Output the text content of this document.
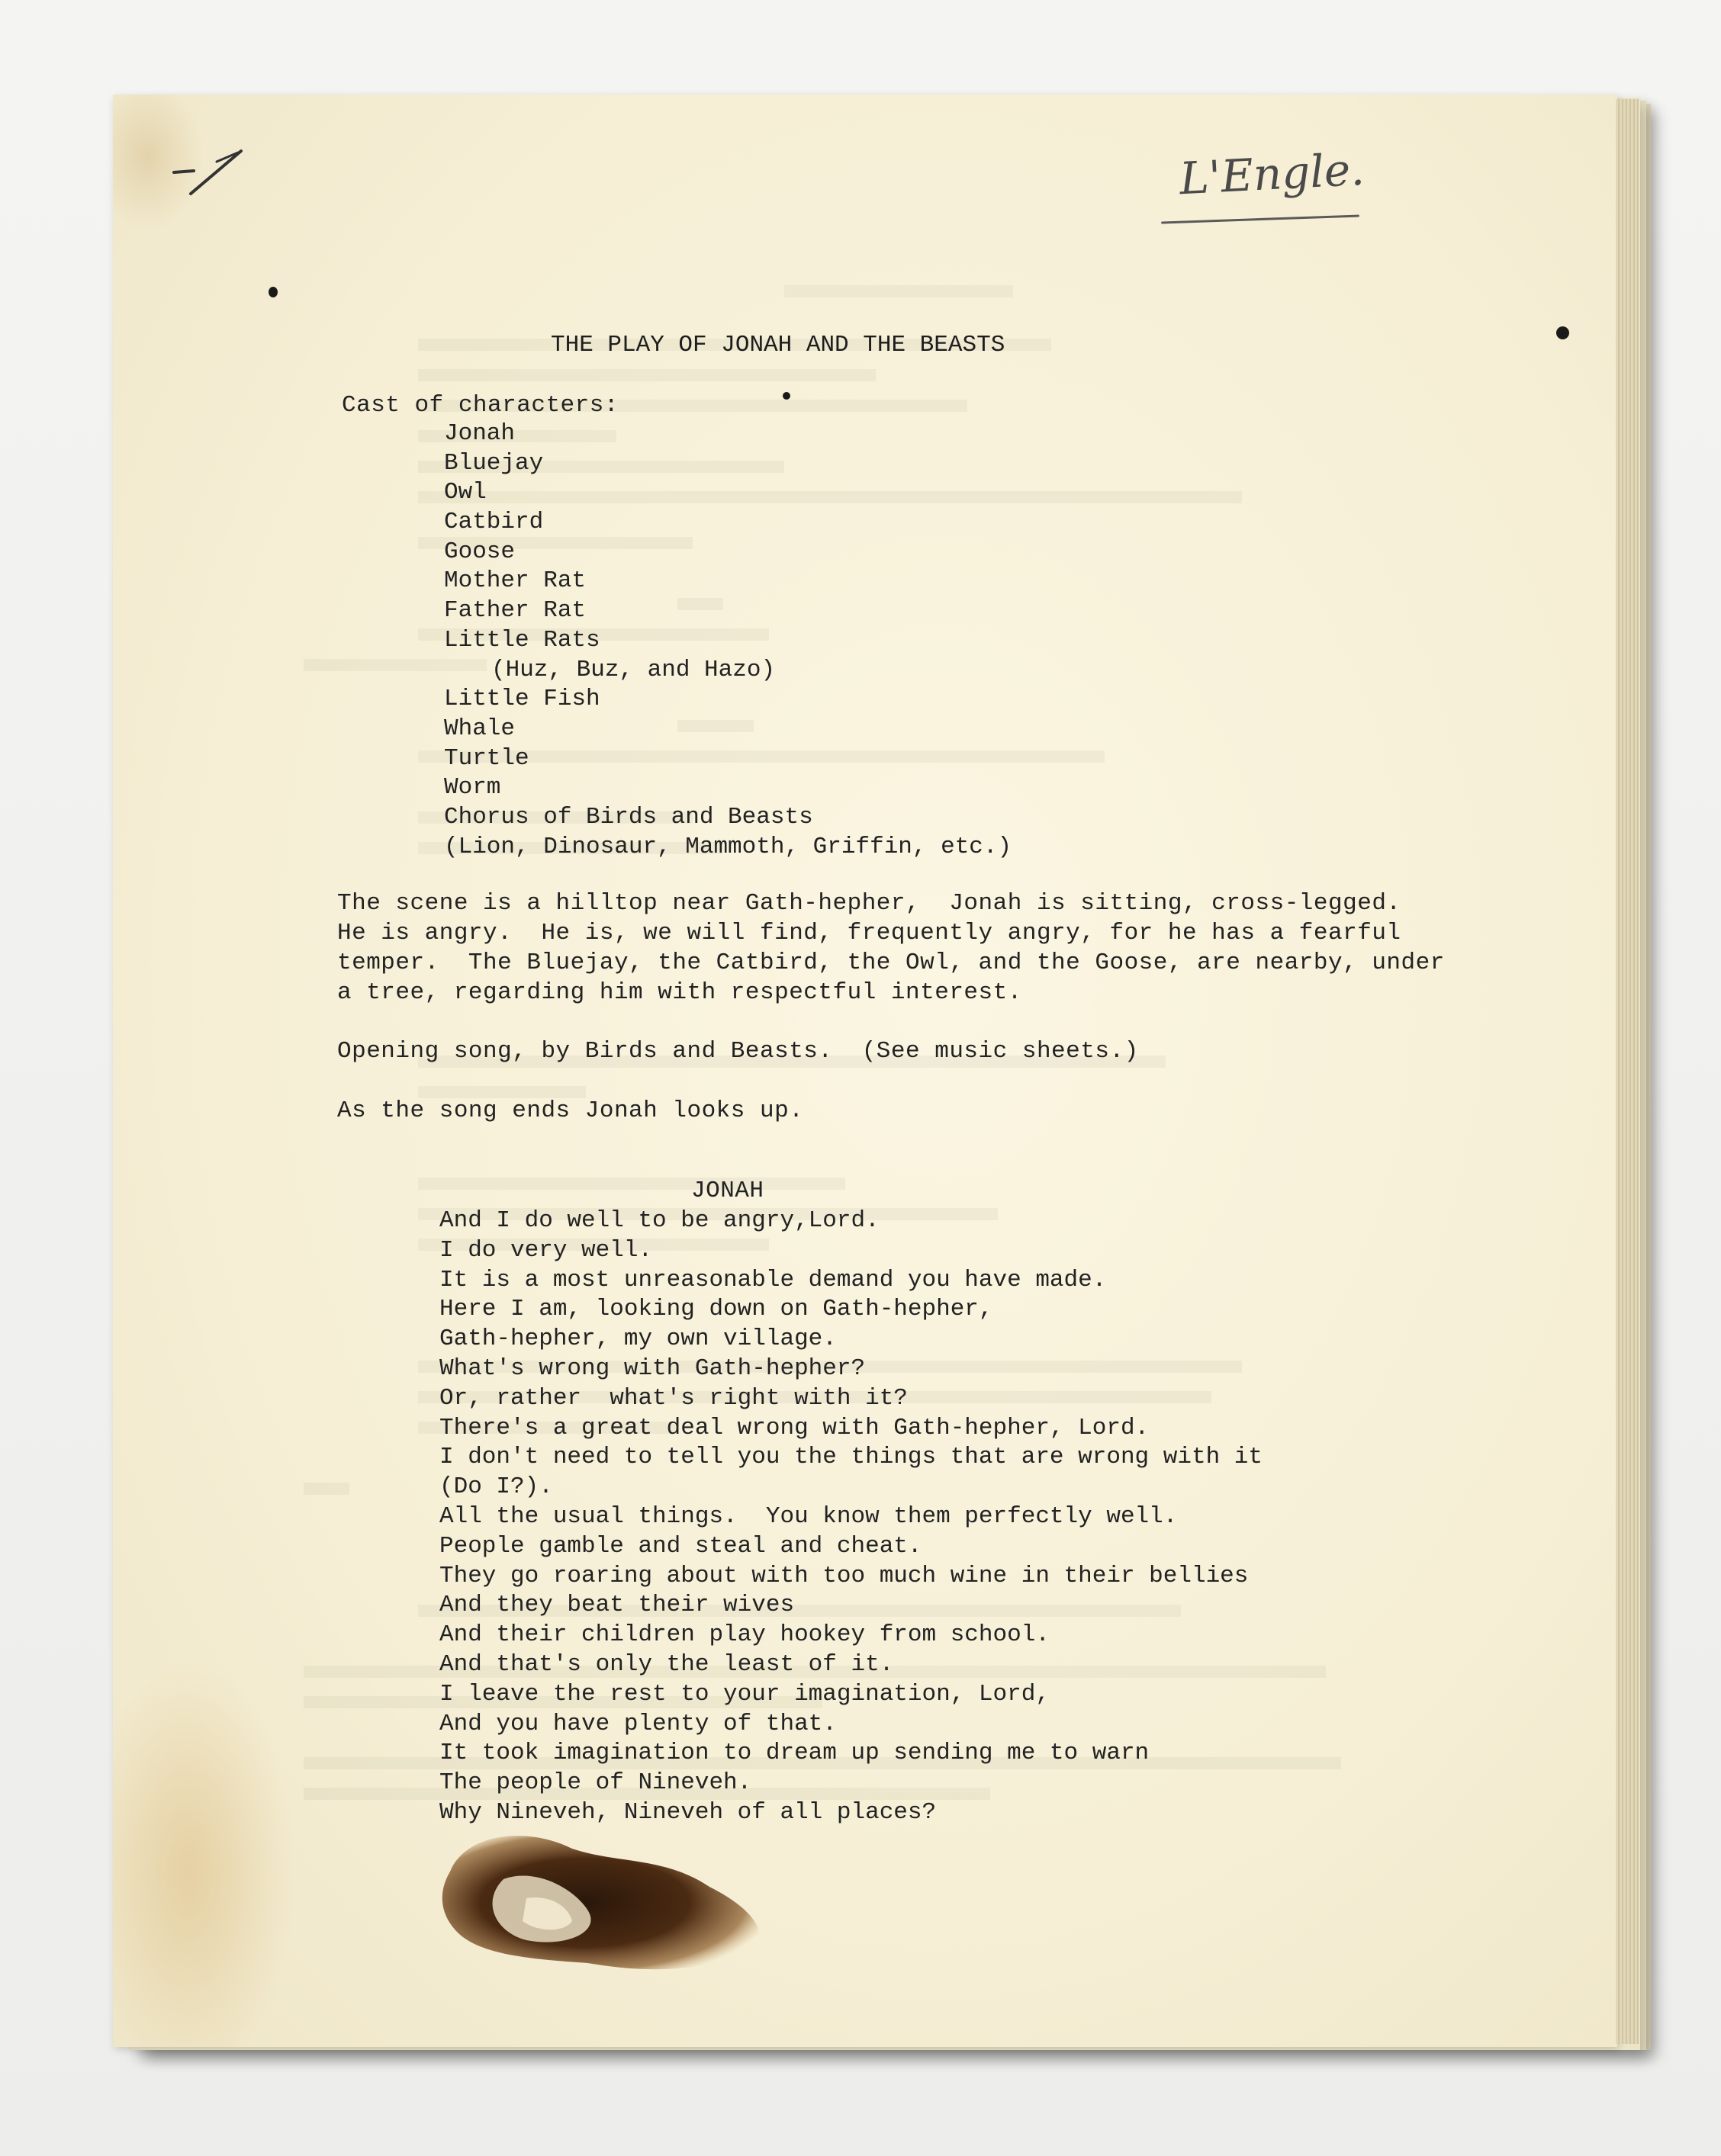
L'Engle.
THE PLAY OF JONAH AND THE BEASTS
Cast of characters:
Jonah
Bluejay
Owl
Catbird
Goose
Mother Rat
Father Rat
Little Rats
(Huz, Buz, and Hazo)
Little Fish
Whale
Turtle
Worm
Chorus of Birds and Beasts
(Lion, Dinosaur, Mammoth, Griffin, etc.)
The scene is a hilltop near Gath-hepher,  Jonah is sitting, cross-legged.
He is angry.  He is, we will find, frequently angry, for he has a fearful
temper.  The Bluejay, the Catbird, the Owl, and the Goose, are nearby, under
a tree, regarding him with respectful interest.
Opening song, by Birds and Beasts.  (See music sheets.)
As the song ends Jonah looks up.
JONAH
And I do well to be angry,Lord.
I do very well.
It is a most unreasonable demand you have made.
Here I am, looking down on Gath-hepher,
Gath-hepher, my own village.
What's wrong with Gath-hepher?
Or, rather  what's right with it?
There's a great deal wrong with Gath-hepher, Lord.
I don't need to tell you the things that are wrong with it
(Do I?).
All the usual things.  You know them perfectly well.
People gamble and steal and cheat.
They go roaring about with too much wine in their bellies
And they beat their wives
And their children play hookey from school.
And that's only the least of it.
I leave the rest to your imagination, Lord,
And you have plenty of that.
It took imagination to dream up sending me to warn
The people of Nineveh.
Why Nineveh, Nineveh of all places?
